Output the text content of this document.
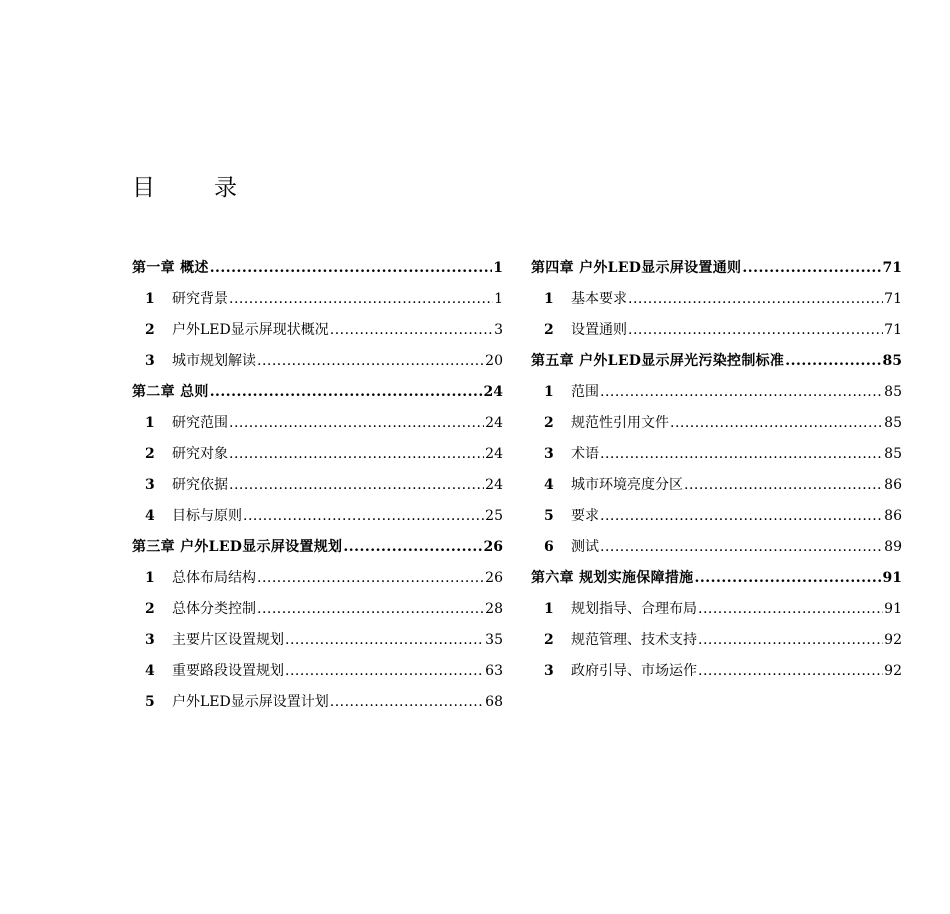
目　录
第一章 概述 .....	1
1	研究背景 .....	1
2	户外LED显示屏现状概况 .....	3
3	城市规划解读 .....	20
第二章 总则 .....	24
1	研究范围 .....	24
2	研究对象 .....	24
3	研究依据 .....	24
4	目标与原则 .....	25
第三章 户外LED显示屏设置规划 .....	26
1	总体布局结构 .....	26
2	总体分类控制 .....	28
3	主要片区设置规划 .....	35
4	重要路段设置规划 .....	63
5	户外LED显示屏设置计划 .....	68
第四章 户外LED显示屏设置通则 .....	71
1	基本要求 .....	71
2	设置通则 .....	71
第五章 户外LED显示屏光污染控制标准 .....	85
1	范围 .....	85
2	规范性引用文件 .....	85
3	术语 .....	85
4	城市环境亮度分区 .....	86
5	要求 .....	86
6	测试 .....	89
第六章 规划实施保障措施 .....	91
1	规划指导、合理布局 .....	91
2	规范管理、技术支持 .....	92
3	政府引导、市场运作 .....	92
